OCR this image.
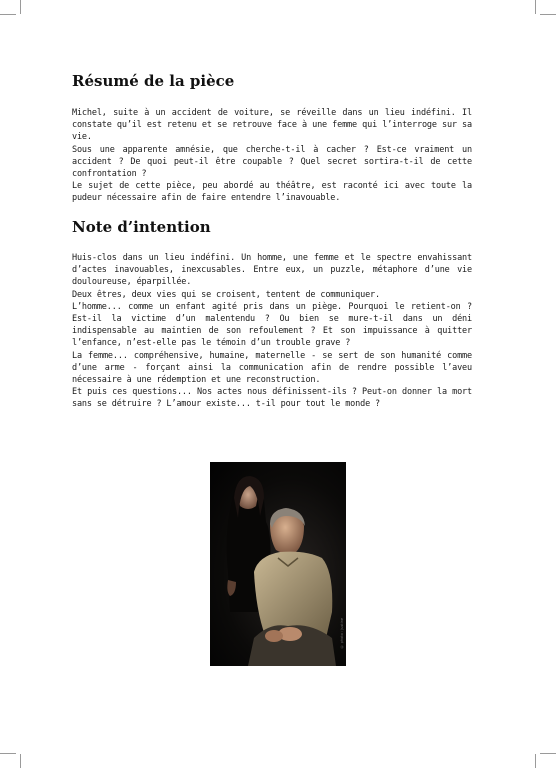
Résumé de la pièce

Michel, suite à un accident de voiture, se réveille dans un lieu indéfini. Il constate qu’il est retenu et se retrouve face à une femme qui l’interroge sur sa vie.

Sous une apparente amnésie, que cherche-t-il à cacher ? Est-ce vraiment un accident ? De quoi peut-il être coupable ? Quel secret sortira-t-il de cette confrontation ?

Le sujet de cette pièce, peu abordé au théâtre, est raconté ici avec toute la pudeur nécessaire afin de faire entendre l’inavouable.

Note d’intention

Huis-clos dans un lieu indéfini. Un homme, une femme et le spectre envahissant d’actes inavouables, inexcusables. Entre eux, un puzzle, métaphore d’une vie douloureuse, éparpillée.

Deux êtres, deux vies qui se croisent, tentent de communiquer.

L’homme... comme un enfant agité pris dans un piège. Pourquoi le retient-on ? Est-il la victime d’un malentendu ? Ou bien se mure-t-il dans un déni indispensable au maintien de son refoulement ? Et son impuissance à quitter l’enfance, n’est-elle pas le témoin d’un trouble grave ?

La femme... compréhensive, humaine, maternelle - se sert de son humanité comme d’une arme - forçant ainsi la communication afin de rendre possible l’aveu nécessaire à une rédemption et une reconstruction.

Et puis ces questions... Nos actes nous définissent-ils ? Peut-on donner la mort sans se détruire ? L’amour existe... t-il pour tout le monde ?

© photo : Justine
